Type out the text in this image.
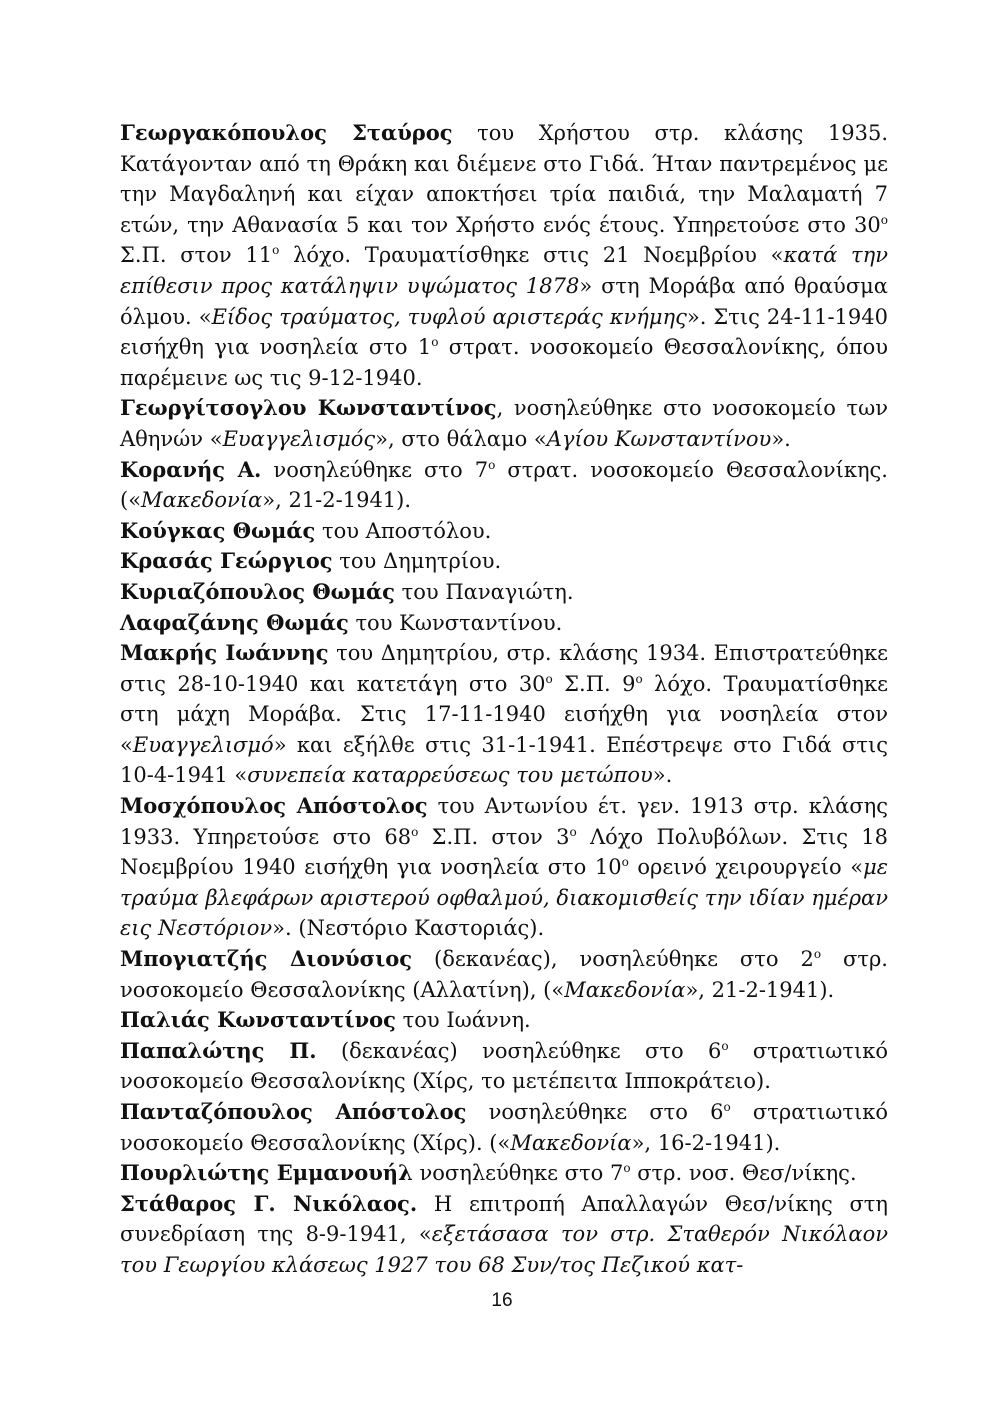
Γεωργακόπουλος Σταύρος του Χρήστου στρ. κλάσης 1935. Κατάγονταν από τη Θράκη και διέμενε στο Γιδά. Ήταν παντρεμένος με την Μαγδαληνή και είχαν αποκτήσει τρία παιδιά, την Μαλαματή 7 ετών, την Αθανασία 5 και τον Χρήστο ενός έτους. Υπηρετούσε στο $30^o$ Σ.Π. στον $11^o$ λόχο. Τραυματίσθηκε στις 21 Νοεμβρίου «κατά την επίθεσιν προς κατάληψιν υψώματος 1878» στη Μοράβα από θραύσμα όλμου. «Είδος τραύματος, τυφλού αριστεράς κνήμης». Στις 24-11-1940 εισήχθη για νοσηλεία στο $1^o$ στρατ. νοσοκομείο Θεσσαλονίκης, όπου παρέμεινε ως τις 9-12-1940.

Γεωργίτσογλου Κωνσταντίνος, νοσηλεύθηκε στο νοσοκομείο των Αθηνών «Ευαγγελισμός», στο θάλαμο «Αγίου Κωνσταντίνου».

Κορανής Α. νοσηλεύθηκε στο $7^o$ στρατ. νοσοκομείο Θεσσαλονίκης. («Μακεδονία», 21-2-1941).

Κούγκας Θωμάς του Αποστόλου.

Κρασάς Γεώργιος του Δημητρίου.

Κυριαζόπουλος Θωμάς του Παναγιώτη.

Λαφαζάνης Θωμάς του Κωνσταντίνου.

Μακρής Ιωάννης του Δημητρίου, στρ. κλάσης 1934. Επιστρατεύθηκε στις 28-10-1940 και κατετάγη στο $30^o$ Σ.Π. $9^o$ λόχο. Τραυματίσθηκε στη μάχη Μοράβα. Στις 17-11-1940 εισήχθη για νοσηλεία στον «Ευαγγελισμό» και εξήλθε στις 31-1-1941. Επέστρεψε στο Γιδά στις 10-4-1941 «συνεπεία καταρρεύσεως του μετώπου».

Μοσχόπουλος Απόστολος του Αντωνίου έτ. γεν. 1913 στρ. κλάσης 1933. Υπηρετούσε στο $68^o$ Σ.Π. στον $3^o$ Λόχο Πολυβόλων. Στις 18 Νοεμβρίου 1940 εισήχθη για νοσηλεία στο $10^o$ ορεινό χειρουργείο «με τραύμα βλεφάρων αριστερού οφθαλμού, διακομισθείς την ιδίαν ημέραν εις Νεστόριον». (Νεστόριο Καστοριάς).

Μπογιατζής Διονύσιος (δεκανέας), νοσηλεύθηκε στο $2^o$ στρ. νοσοκομείο Θεσσαλονίκης (Αλλατίνη), («Μακεδονία», 21-2-1941).

Παλιάς Κωνσταντίνος του Ιωάννη.

Παπαλώτης Π. (δεκανέας) νοσηλεύθηκε στο $6^o$ στρατιωτικό νοσοκομείο Θεσσαλονίκης (Χίρς, το μετέπειτα Ιπποκράτειο).

Πανταζόπουλος Απόστολος νοσηλεύθηκε στο $6^o$ στρατιωτικό νοσοκομείο Θεσσαλονίκης (Χίρς). («Μακεδονία», 16-2-1941).

Πουρλιώτης Εμμανουήλ νοσηλεύθηκε στο $7^o$ στρ. νοσ. Θεσ/νίκης.

Στάθαρος Γ. Νικόλαος. Η επιτροπή Απαλλαγών Θεσ/νίκης στη συνεδρίαση της 8-9-1941, «εξετάσασα τον στρ. Σταθερόν Νικόλαον του Γεωργίου κλάσεως 1927 του 68 Συν/τος Πεζικού κατ-

16
